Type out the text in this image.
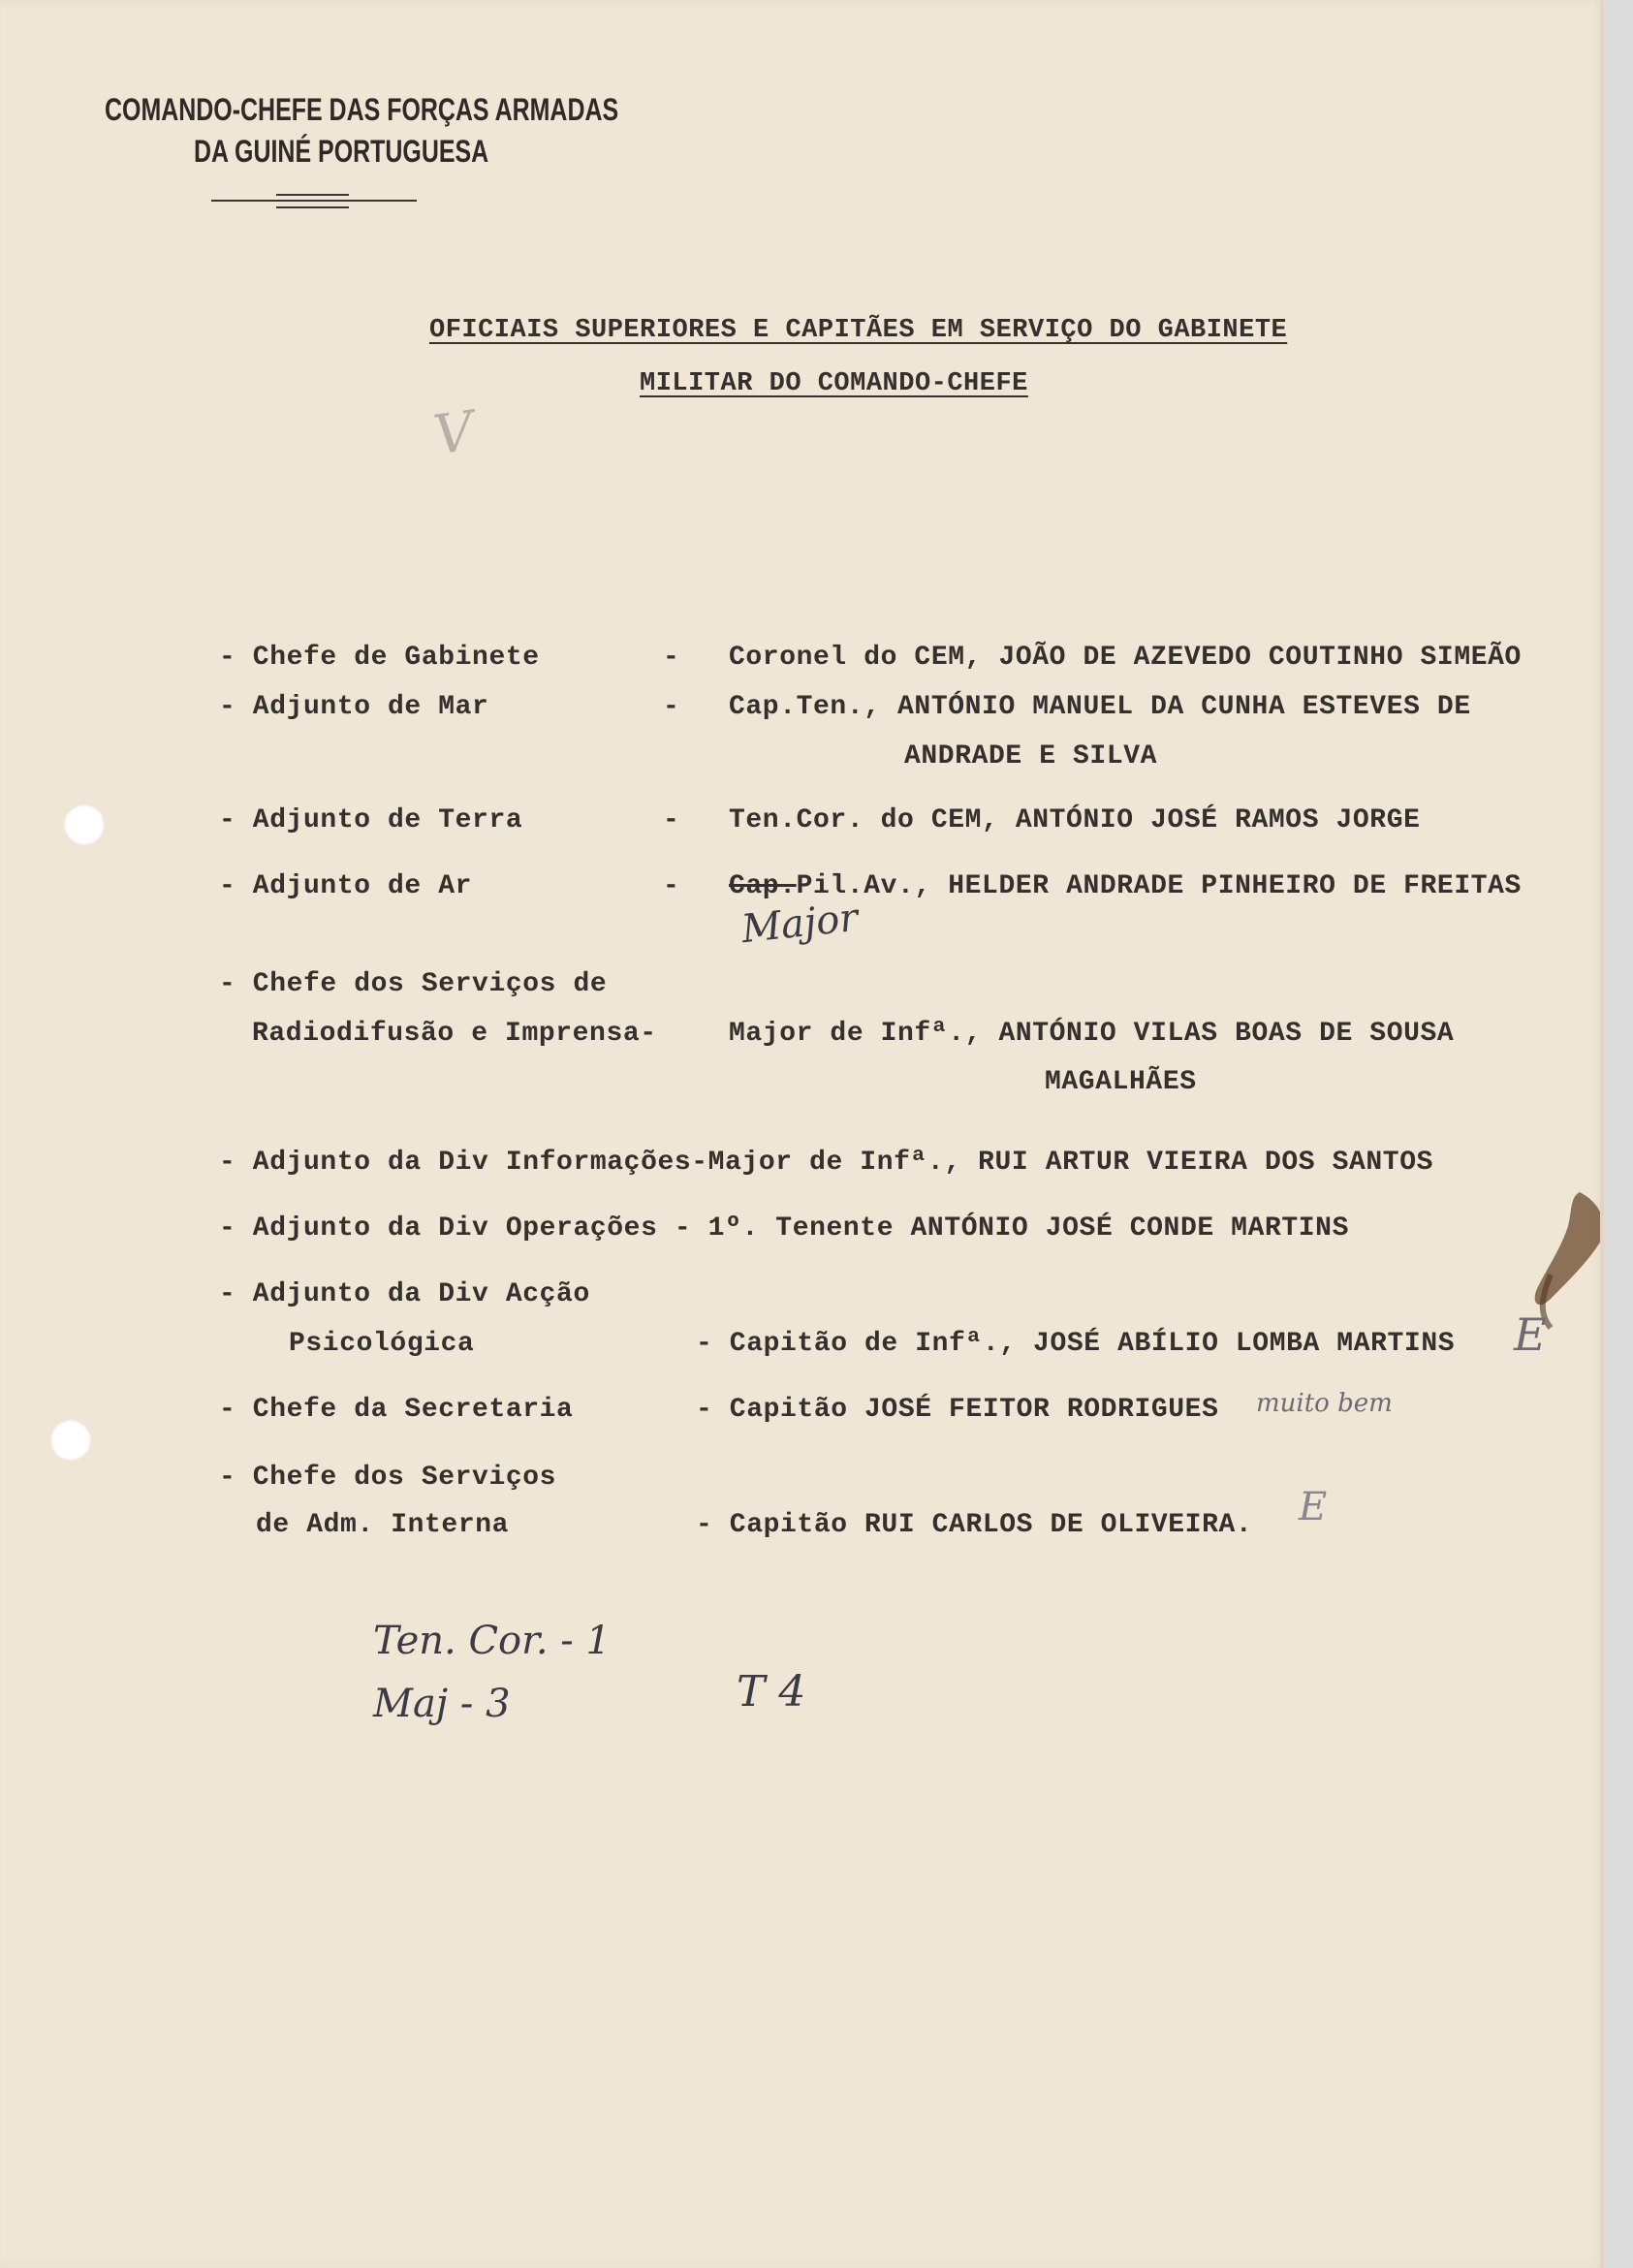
COMANDO-CHEFE DAS FORÇAS ARMADAS
DA GUINÉ PORTUGUESA
OFICIAIS SUPERIORES E CAPITÃES EM SERVIÇO DO GABINETE
MILITAR DO COMANDO-CHEFE
V
- Chefe de Gabinete	- Coronel do CEM, JOÃO DE AZEVEDO COUTINHO SIMEÃO
- Adjunto de Mar	- Cap.Ten., ANTÓNIO MANUEL DA CUNHA ESTEVES DE
ANDRADE E SILVA
- Adjunto de Terra	- Ten.Cor. do CEM, ANTÓNIO JOSÉ RAMOS JORGE
- Adjunto de Ar	- Cap.Pil.Av., HELDER ANDRADE PINHEIRO DE FREITAS
Major
- Chefe dos Serviços de
Radiodifusão e Imprensa-	Major de Infª., ANTÓNIO VILAS BOAS DE SOUSA
MAGALHÃES
- Adjunto da Div Informações-Major de Infª., RUI ARTUR VIEIRA DOS SANTOS
- Adjunto da Div Operações - 1º. Tenente ANTÓNIO JOSÉ CONDE MARTINS
- Adjunto da Div Acção
Psicológica	- Capitão de Infª., JOSÉ ABÍLIO LOMBA MARTINS E
- Chefe da Secretaria	- Capitão JOSÉ FEITOR RODRIGUES muito bem
- Chefe dos Serviços
de Adm. Interna	- Capitão RUI CARLOS DE OLIVEIRA. E
Ten. Cor. - 1
Maj - 3	T 4
